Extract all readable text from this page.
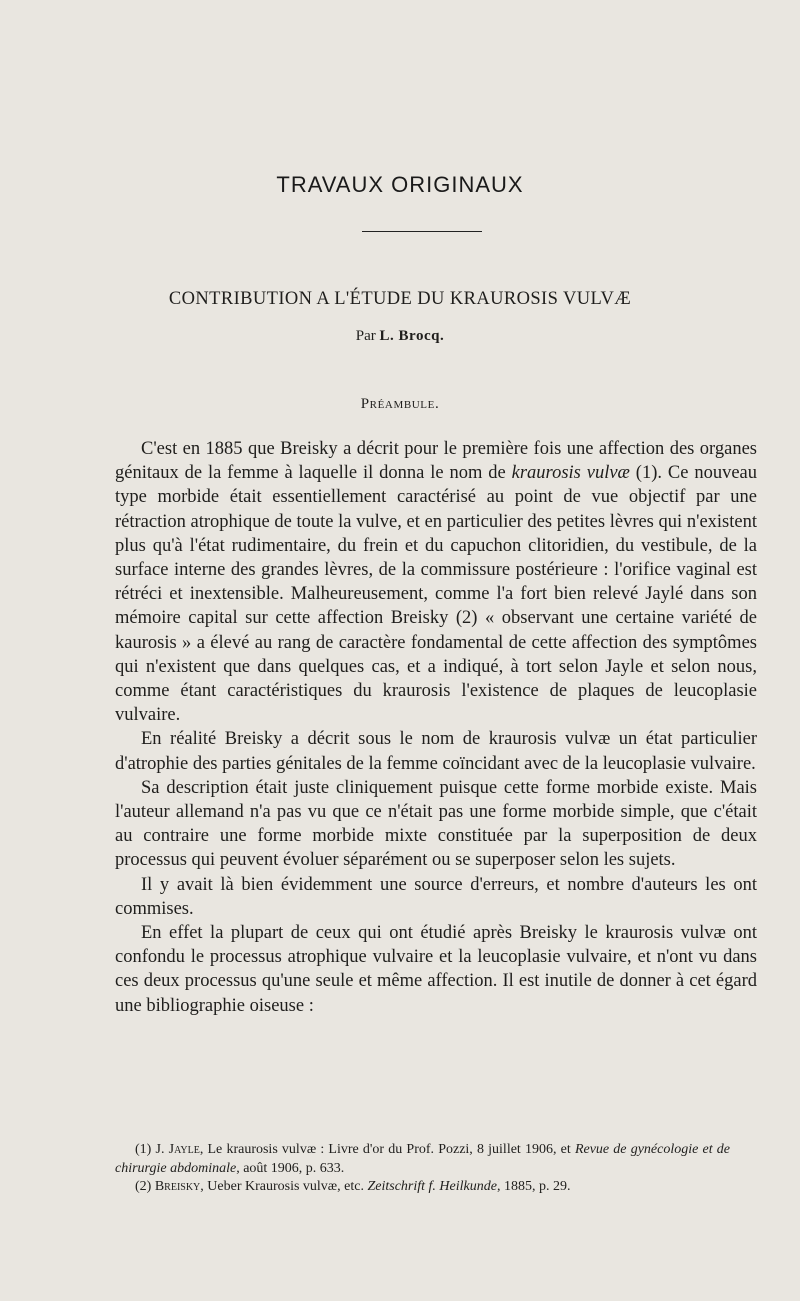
TRAVAUX ORIGINAUX
CONTRIBUTION A L'ÉTUDE DU KRAUROSIS VULVÆ
Par L. Brocq.
Préambule.

C'est en 1885 que Breisky a décrit pour le première fois une affection des organes génitaux de la femme à laquelle il donna le nom de kraurosis vulvæ (1). Ce nouveau type morbide était essentiellement caractérisé au point de vue objectif par une rétraction atrophique de toute la vulve, et en particulier des petites lèvres qui n'existent plus qu'à l'état rudimentaire, du frein et du capuchon clitoridien, du vestibule, de la surface interne des grandes lèvres, de la commissure postérieure : l'orifice vaginal est rétréci et inextensible. Malheureusement, comme l'a fort bien relevé Jaylé dans son mémoire capital sur cette affection Breisky (2) « observant une certaine variété de kaurosis » a élevé au rang de caractère fondamental de cette affection des symptômes qui n'existent que dans quelques cas, et a indiqué, à tort selon Jayle et selon nous, comme étant caractéristiques du kraurosis l'existence de plaques de leucoplasie vulvaire.

En réalité Breisky a décrit sous le nom de kraurosis vulvæ un état particulier d'atrophie des parties génitales de la femme coïncidant avec de la leucoplasie vulvaire.

Sa description était juste cliniquement puisque cette forme morbide existe. Mais l'auteur allemand n'a pas vu que ce n'était pas une forme morbide simple, que c'était au contraire une forme morbide mixte constituée par la superposition de deux processus qui peuvent évoluer séparément ou se superposer selon les sujets.

Il y avait là bien évidemment une source d'erreurs, et nombre d'auteurs les ont commises.

En effet la plupart de ceux qui ont étudié après Breisky le kraurosis vulvæ ont confondu le processus atrophique vulvaire et la leucoplasie vulvaire, et n'ont vu dans ces deux processus qu'une seule et même affection. Il est inutile de donner à cet égard une bibliographie oiseuse :

(1) J. Jayle, Le kraurosis vulvæ : Livre d'or du Prof. Pozzi, 8 juillet 1906, et Revue de gynécologie et de chirurgie abdominale, août 1906, p. 633.

(2) Breisky, Ueber Kraurosis vulvæ, etc. Zeitschrift f. Heilkunde, 1885, p. 29.
